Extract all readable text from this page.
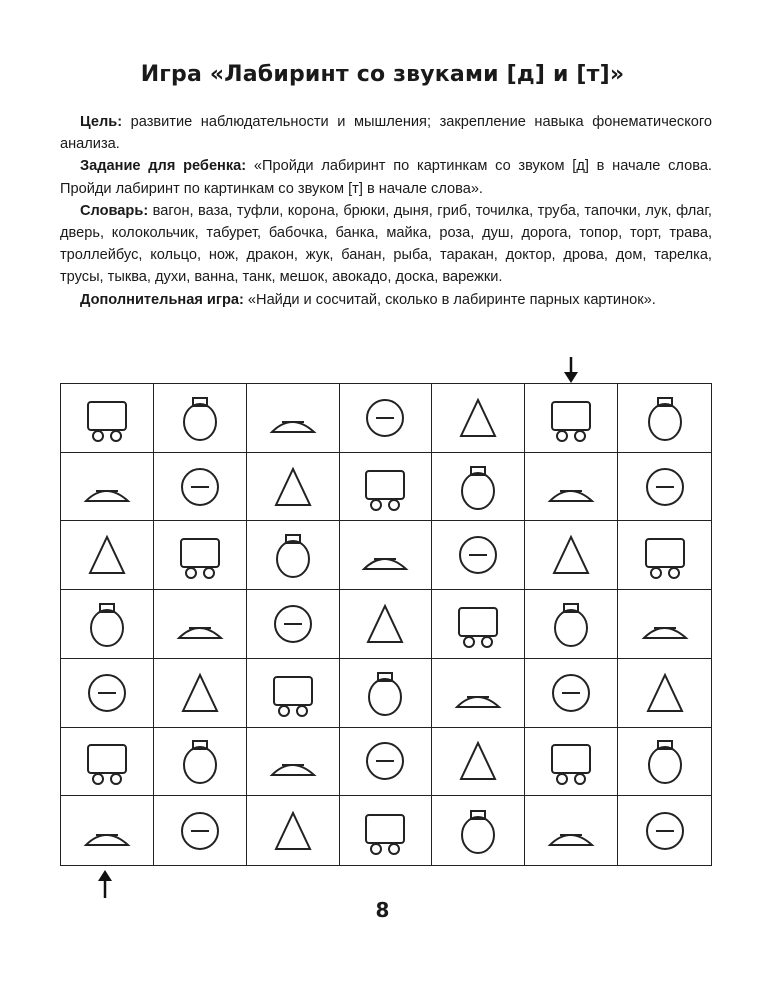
Игра «Лабиринт со звуками [д] и [т]»

Цель: развитие наблюдательности и мышления; закрепление навыка фонематического анализа.

Задание для ребенка: «Пройди лабиринт по картинкам со звуком [д] в начале слова. Пройди лабиринт по картинкам со звуком [т] в начале слова».

Словарь: вагон, ваза, туфли, корона, брюки, дыня, гриб, точилка, труба, тапочки, лук, флаг, дверь, колокольчик, табурет, бабочка, банка, майка, роза, душ, дорога, топор, торт, трава, троллейбус, кольцо, нож, дракон, жук, банан, рыба, таракан, доктор, дрова, дом, тарелка, трусы, тыква, духи, ванна, танк, мешок, авокадо, доска, варежки.

Дополнительная игра: «Найди и сосчитай, сколько в лабиринте парных картинок».

8
